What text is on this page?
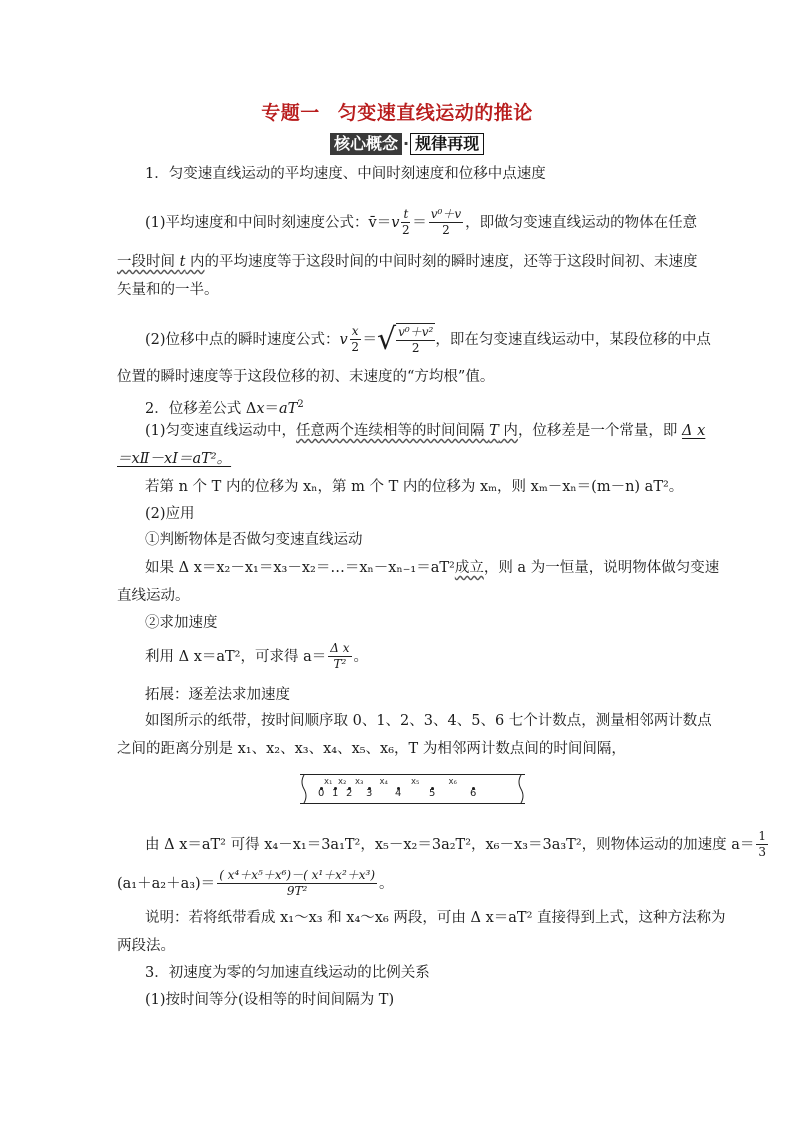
专题一 匀变速直线运动的推论
核心概念 · 规律再现
1．匀变速直线运动的平均速度、中间时刻速度和位移中点速度
(1)平均速度和中间时刻速度公式： v̄ ＝ v $\frac{t}{2} = \frac{\text{v⁰＋v}}{2}$ ，即做匀变速直线运动的物体在任意
一段时间 t 内的平均速度等于这段时间的中间时刻的瞬时速度，还等于这段时间初、末速度
矢量和的一半。
(2)位移中点的瞬时速度公式： v $\frac{x}{2}$ ＝ √ $\frac{\text{v⁰＋v²}}{2}$ ，即在匀变速直线运动中，某段位移的中点
位置的瞬时速度等于这段位移的初、末速度的“方均根”值。
2．位移差公式 $\Delta x=aT^2$
(1)匀变速直线运动中，任意两个连续相等的时间间隔 T 内，位移差是一个常量，即 Δ x
＝xⅡ－xⅠ＝aT²。
若第 n 个 T 内的位移为 xₙ，第 m 个 T 内的位移为 xₘ，则 xₘ－xₙ＝(m－n) aT²。
(2)应用
①判断物体是否做匀变速直线运动
如果 Δ x＝x₂－x₁＝x₃－x₂＝…＝xₙ－xₙ₋₁＝aT²成立，则 a 为一恒量，说明物体做匀变速
直线运动。
②求加速度
利用 Δ x＝aT²，可求得 $a= \frac{\text{Δ x}}{\text{T²}}$ 。
拓展：逐差法求加速度
如图所示的纸带，按时间顺序取 0、1、2、3、4、5、6 七个计数点，测量相邻两计数点
之间的距离分别是 x₁、x₂、x₃、x₄、x₅、x₆，T 为相邻两计数点间的时间间隔，
0 1 2 3 4	5	6
x₁ x₂ x₃ x₄	x₅	x₆
由 Δ x＝aT² 可得 x₄－x₁＝3a₁T²，x₅－x₂＝3a₂T²，x₆－x₃＝3a₃T²，则物体运动的加速度 $a= \frac{1}{3}$
$(a_1+a_2+a_3)= \frac{\text{( x⁴＋x⁵＋x⁶)－( x¹＋x²＋x³)}}{\text{9T²}}$ 。
说明：若将纸带看成 x₁～x₃ 和 x₄～x₆ 两段，可由 Δ x＝aT² 直接得到上式，这种方法称为
两段法。
3．初速度为零的匀加速直线运动的比例关系
(1)按时间等分(设相等的时间间隔为 T)
